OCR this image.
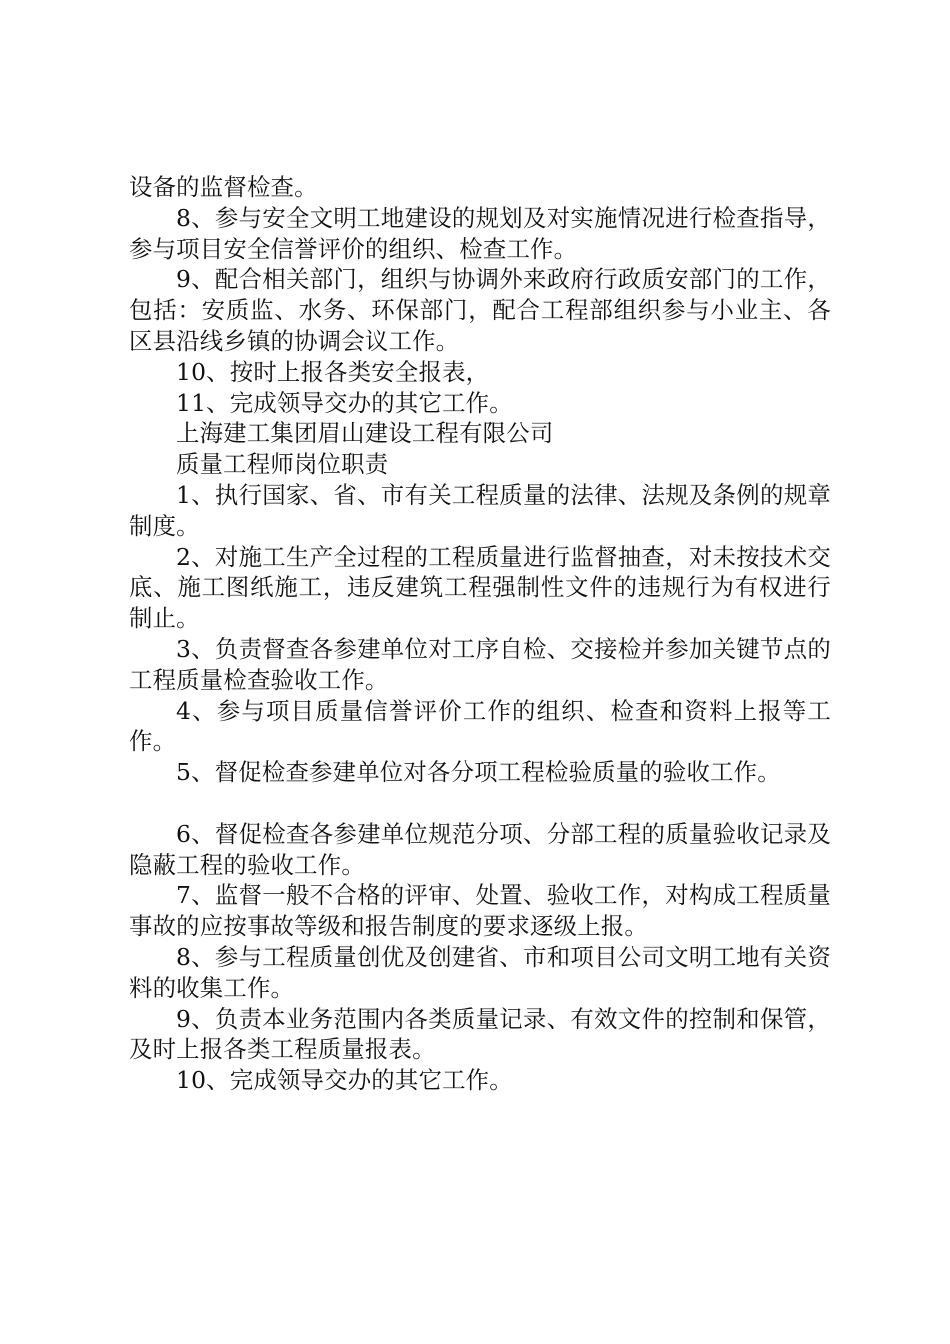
设备的监督检查。

8、参与安全文明工地建设的规划及对实施情况进行检查指导，参与项目安全信誉评价的组织、检查工作。

9、配合相关部门，组织与协调外来政府行政质安部门的工作，包括：安质监、水务、环保部门，配合工程部组织参与小业主、各区县沿线乡镇的协调会议工作。

10、按时上报各类安全报表，

11、完成领导交办的其它工作。

上海建工集团眉山建设工程有限公司

质量工程师岗位职责

1、执行国家、省、市有关工程质量的法律、法规及条例的规章制度。

2、对施工生产全过程的工程质量进行监督抽查，对未按技术交底、施工图纸施工，违反建筑工程强制性文件的违规行为有权进行制止。

3、负责督查各参建单位对工序自检、交接检并参加关键节点的工程质量检查验收工作。

4、参与项目质量信誉评价工作的组织、检查和资料上报等工作。

5、督促检查参建单位对各分项工程检验质量的验收工作。

6、督促检查各参建单位规范分项、分部工程的质量验收记录及隐蔽工程的验收工作。

7、监督一般不合格的评审、处置、验收工作，对构成工程质量事故的应按事故等级和报告制度的要求逐级上报。

8、参与工程质量创优及创建省、市和项目公司文明工地有关资料的收集工作。

9、负责本业务范围内各类质量记录、有效文件的控制和保管，及时上报各类工程质量报表。

10、完成领导交办的其它工作。
